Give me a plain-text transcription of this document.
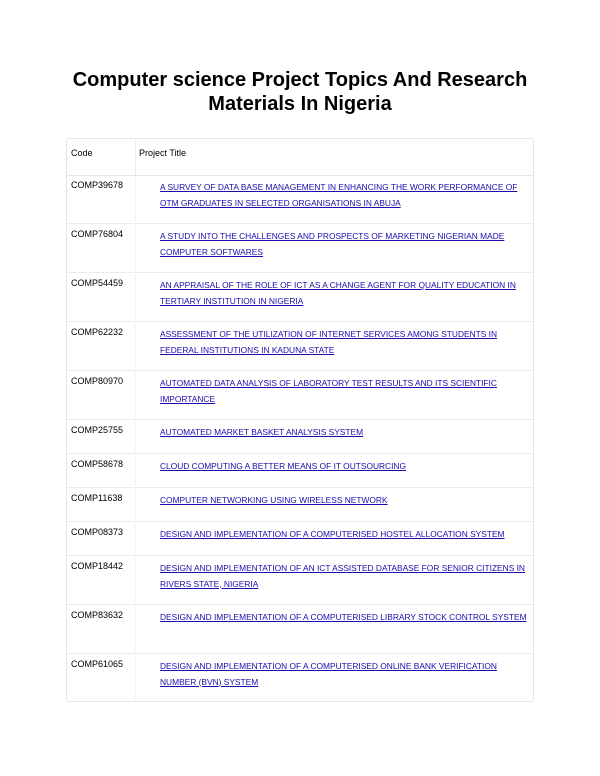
Computer science Project Topics And Research Materials In Nigeria
Code	Project Title
COMP39678	A SURVEY OF DATA BASE MANAGEMENT IN ENHANCING THE WORK PERFORMANCE OF OTM GRADUATES IN SELECTED ORGANISATIONS IN ABUJA
COMP76804	A STUDY INTO THE CHALLENGES AND PROSPECTS OF MARKETING NIGERIAN MADE COMPUTER SOFTWARES
COMP54459	AN APPRAISAL OF THE ROLE OF ICT AS A CHANGE AGENT FOR QUALITY EDUCATION IN TERTIARY INSTITUTION IN NIGERIA
COMP62232	ASSESSMENT OF THE UTILIZATION OF INTERNET SERVICES AMONG STUDENTS IN FEDERAL INSTITUTIONS IN KADUNA STATE
COMP80970	AUTOMATED DATA ANALYSIS OF LABORATORY TEST RESULTS AND ITS SCIENTIFIC IMPORTANCE
COMP25755	AUTOMATED MARKET BASKET ANALYSIS SYSTEM
COMP58678	CLOUD COMPUTING A BETTER MEANS OF IT OUTSOURCING
COMP11638	COMPUTER NETWORKING USING WIRELESS NETWORK
COMP08373	DESIGN AND IMPLEMENTATION OF A COMPUTERISED HOSTEL ALLOCATION SYSTEM
COMP18442	DESIGN AND IMPLEMENTATION OF AN ICT ASSISTED DATABASE FOR SENIOR CITIZENS IN RIVERS STATE, NIGERIA
COMP83632	DESIGN AND IMPLEMENTATION OF A COMPUTERISED LIBRARY STOCK CONTROL SYSTEM
COMP61065	DESIGN AND IMPLEMENTATION OF A COMPUTERISED ONLINE BANK VERIFICATION NUMBER (BVN) SYSTEM
